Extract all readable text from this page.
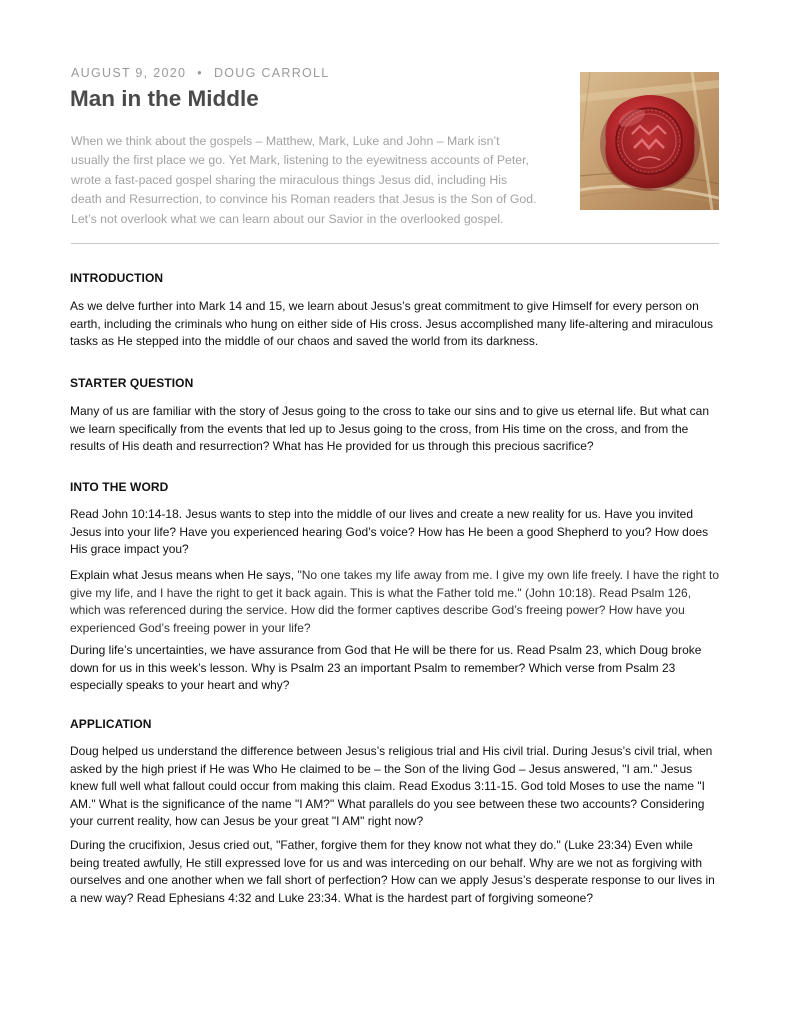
AUGUST 9, 2020 • DOUG CARROLL
Man in the Middle
When we think about the gospels – Matthew, Mark, Luke and John – Mark isn’t usually the first place we go. Yet Mark, listening to the eyewitness accounts of Peter, wrote a fast-paced gospel sharing the miraculous things Jesus did, including His death and Resurrection, to convince his Roman readers that Jesus is the Son of God. Let’s not overlook what we can learn about our Savior in the overlooked gospel.
INTRODUCTION
As we delve further into Mark 14 and 15, we learn about Jesus’s great commitment to give Himself for every person on earth, including the criminals who hung on either side of His cross. Jesus accomplished many life-altering and miraculous tasks as He stepped into the middle of our chaos and saved the world from its darkness.
STARTER QUESTION
Many of us are familiar with the story of Jesus going to the cross to take our sins and to give us eternal life. But what can we learn specifically from the events that led up to Jesus going to the cross, from His time on the cross, and from the results of His death and resurrection? What has He provided for us through this precious sacrifice?
INTO THE WORD
Read John 10:14-18. Jesus wants to step into the middle of our lives and create a new reality for us. Have you invited Jesus into your life? Have you experienced hearing God’s voice? How has He been a good Shepherd to you? How does His grace impact you?
Explain what Jesus means when He says, "No one takes my life away from me. I give my own life freely. I have the right to give my life, and I have the right to get it back again. This is what the Father told me." (John 10:18). Read Psalm 126, which was referenced during the service. How did the former captives describe God’s freeing power? How have you experienced God’s freeing power in your life?
During life’s uncertainties, we have assurance from God that He will be there for us. Read Psalm 23, which Doug broke down for us in this week’s lesson. Why is Psalm 23 an important Psalm to remember? Which verse from Psalm 23 especially speaks to your heart and why?
APPLICATION
Doug helped us understand the difference between Jesus’s religious trial and His civil trial. During Jesus’s civil trial, when asked by the high priest if He was Who He claimed to be – the Son of the living God – Jesus answered, "I am." Jesus knew full well what fallout could occur from making this claim. Read Exodus 3:11-15. God told Moses to use the name "I AM." What is the significance of the name "I AM?" What parallels do you see between these two accounts? Considering your current reality, how can Jesus be your great "I AM" right now?
During the crucifixion, Jesus cried out, "Father, forgive them for they know not what they do." (Luke 23:34) Even while being treated awfully, He still expressed love for us and was interceding on our behalf. Why are we not as forgiving with ourselves and one another when we fall short of perfection? How can we apply Jesus’s desperate response to our lives in a new way? Read Ephesians 4:32 and Luke 23:34. What is the hardest part of forgiving someone?
